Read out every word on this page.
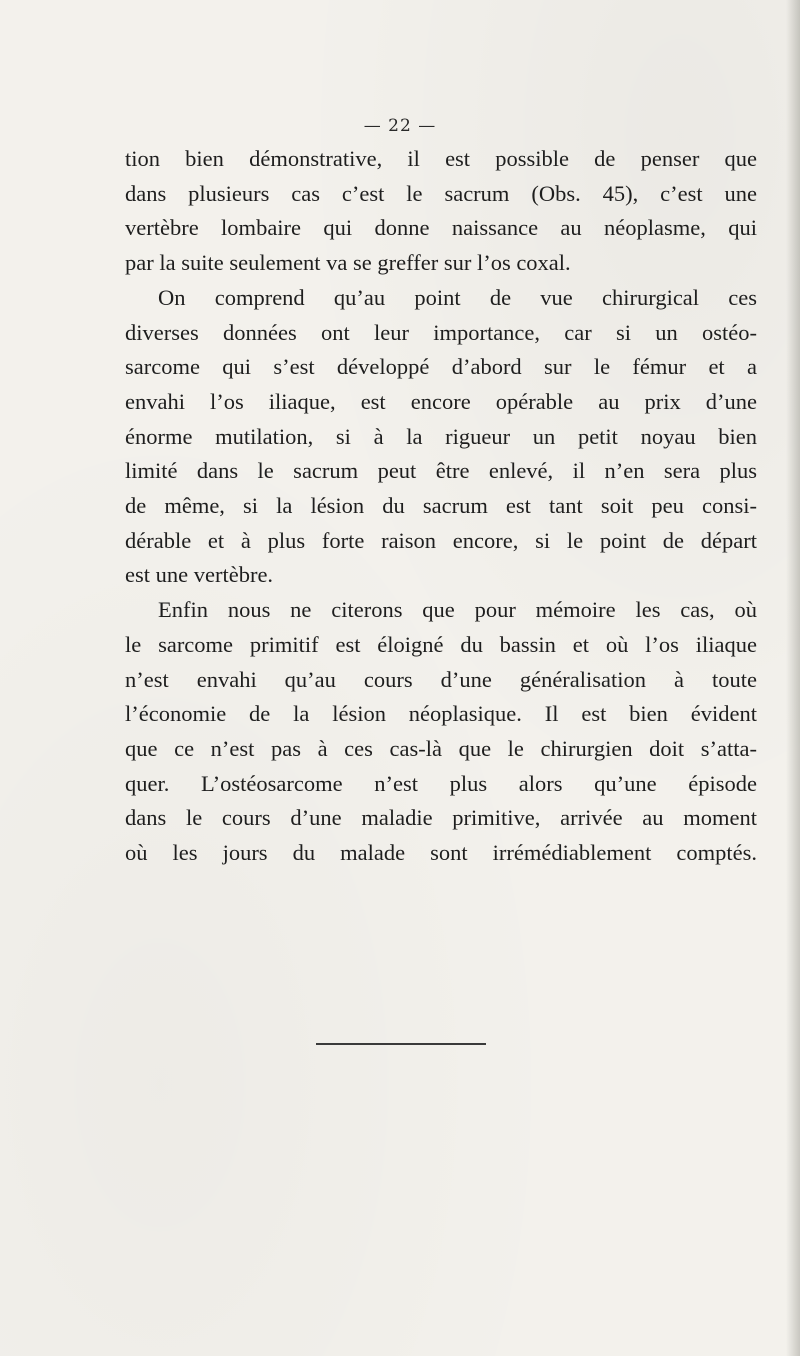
— 22 —
tion bien démonstrative, il est possible de penser que
dans plusieurs cas c’est le sacrum (Obs. 45), c’est une
vertèbre lombaire qui donne naissance au néoplasme, qui
par la suite seulement va se greffer sur l’os coxal.
On comprend qu’au point de vue chirurgical ces
diverses données ont leur importance, car si un ostéo-
sarcome qui s’est développé d’abord sur le fémur et a
envahi l’os iliaque, est encore opérable au prix d’une
énorme mutilation, si à la rigueur un petit noyau bien
limité dans le sacrum peut être enlevé, il n’en sera plus
de même, si la lésion du sacrum est tant soit peu consi-
dérable et à plus forte raison encore, si le point de départ
est une vertèbre.
Enfin nous ne citerons que pour mémoire les cas, où
le sarcome primitif est éloigné du bassin et où l’os iliaque
n’est envahi qu’au cours d’une généralisation à toute
l’économie de la lésion néoplasique. Il est bien évident
que ce n’est pas à ces cas-là que le chirurgien doit s’atta-
quer. L’ostéosarcome n’est plus alors qu’une épisode
dans le cours d’une maladie primitive, arrivée au moment
où les jours du malade sont irrémédiablement comptés.
